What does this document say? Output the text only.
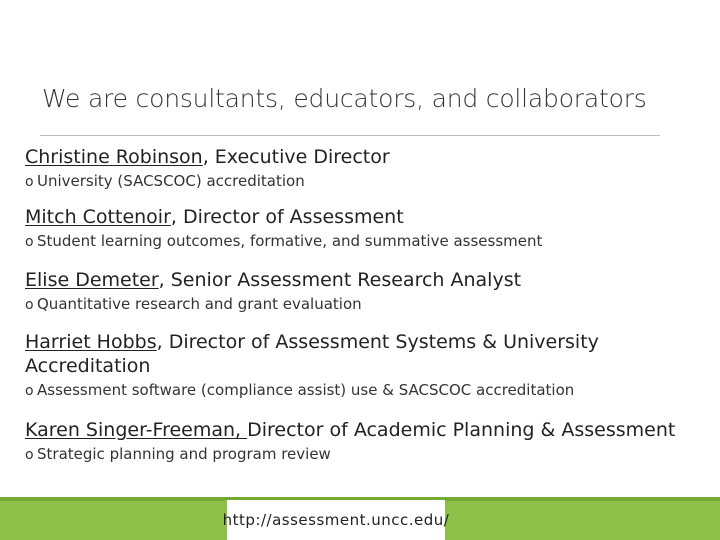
We are consultants, educators, and collaborators
Christine Robinson, Executive Director
o University (SACSCOC) accreditation
Mitch Cottenoir, Director of Assessment
o Student learning outcomes, formative, and summative assessment
Elise Demeter, Senior Assessment Research Analyst
o Quantitative research and grant evaluation
Harriet Hobbs, Director of Assessment Systems & University Accreditation
o Assessment software (compliance assist) use & SACSCOC accreditation
Karen Singer-Freeman, Director of Academic Planning & Assessment
o Strategic planning and program review
http://assessment.uncc.edu/
